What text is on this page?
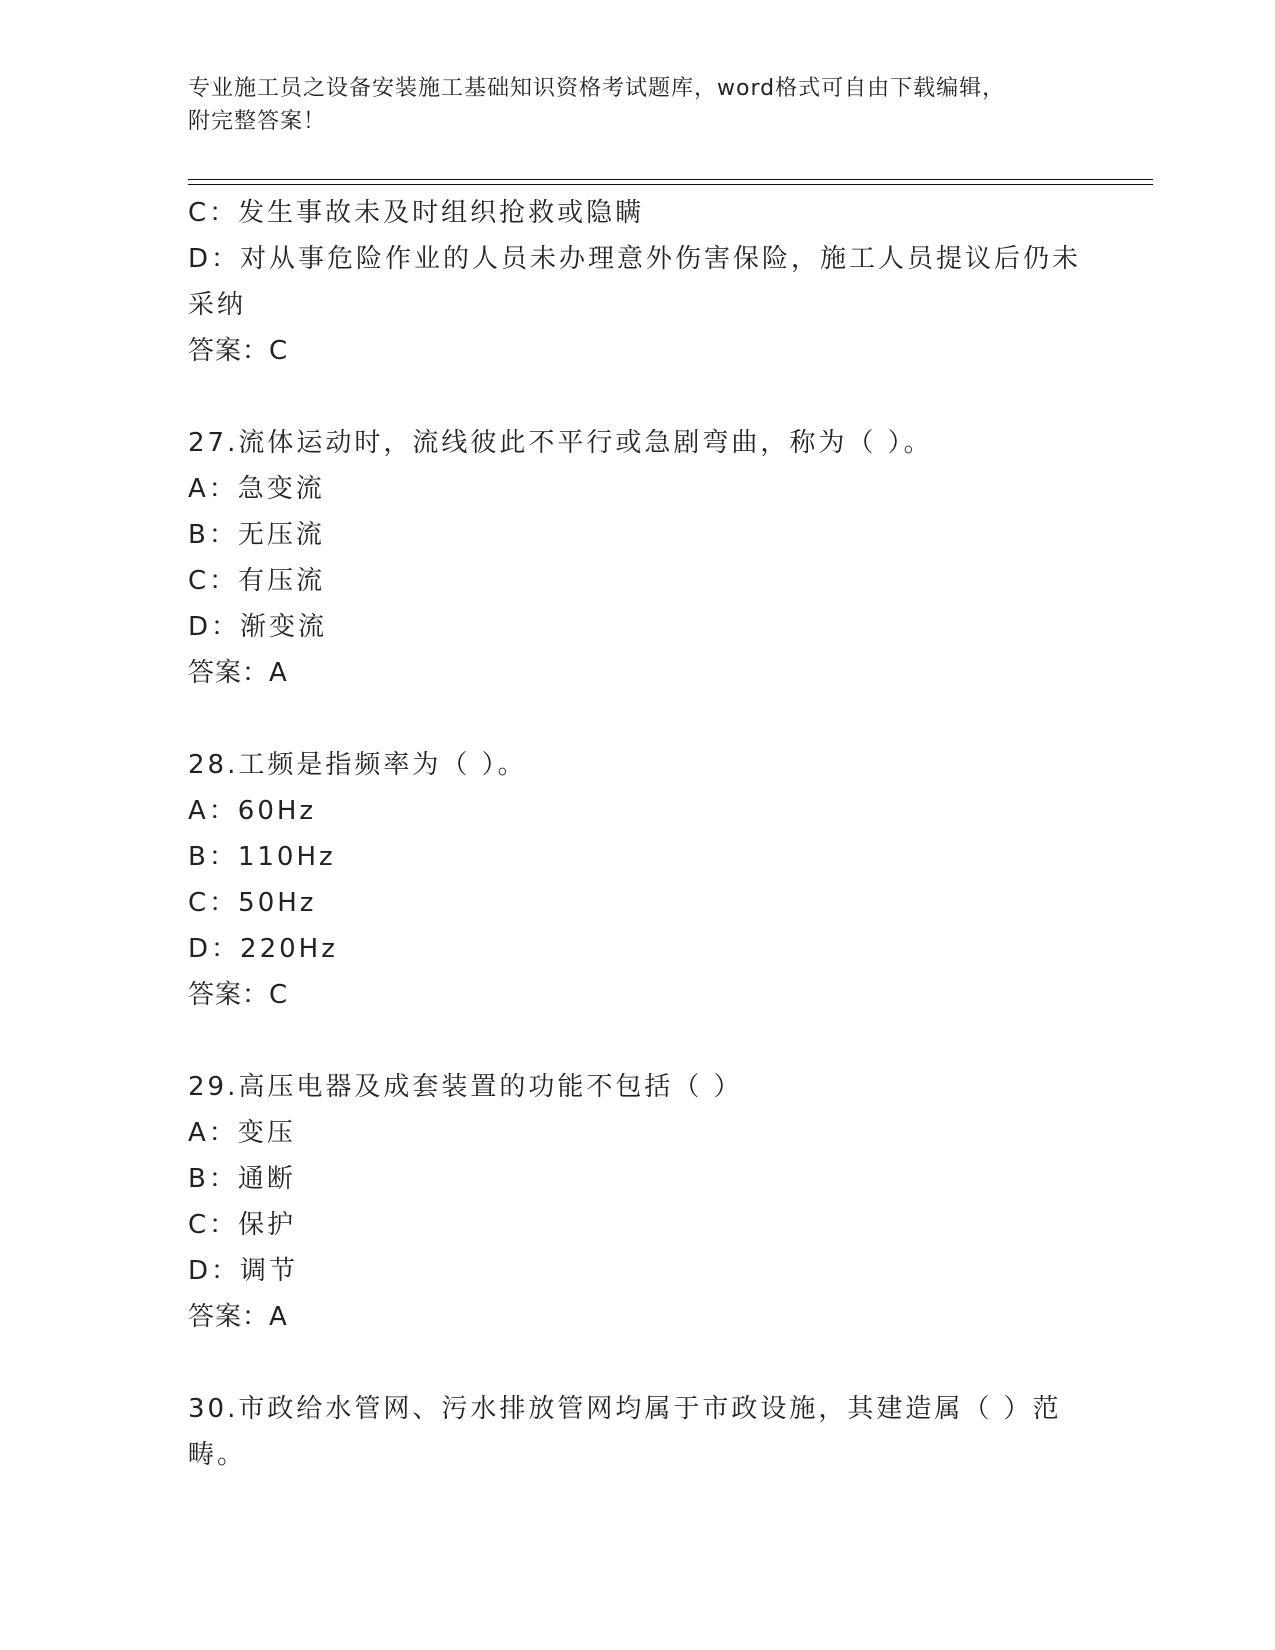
专业施工员之设备安装施工基础知识资格考试题库，word格式可自由下载编辑，
附完整答案！
C：发生事故未及时组织抢救或隐瞒
D：对从事危险作业的人员未办理意外伤害保险，施工人员提议后仍未采纳
答案：C
27.流体运动时，流线彼此不平行或急剧弯曲，称为（ ）。
A：急变流
B：无压流
C：有压流
D：渐变流
答案：A
28.工频是指频率为（ ）。
A：60Hz
B：110Hz
C：50Hz
D：220Hz
答案：C
29.高压电器及成套装置的功能不包括（ ）
A：变压
B：通断
C：保护
D：调节
答案：A
30.市政给水管网、污水排放管网均属于市政设施，其建造属（ ）范畴。
